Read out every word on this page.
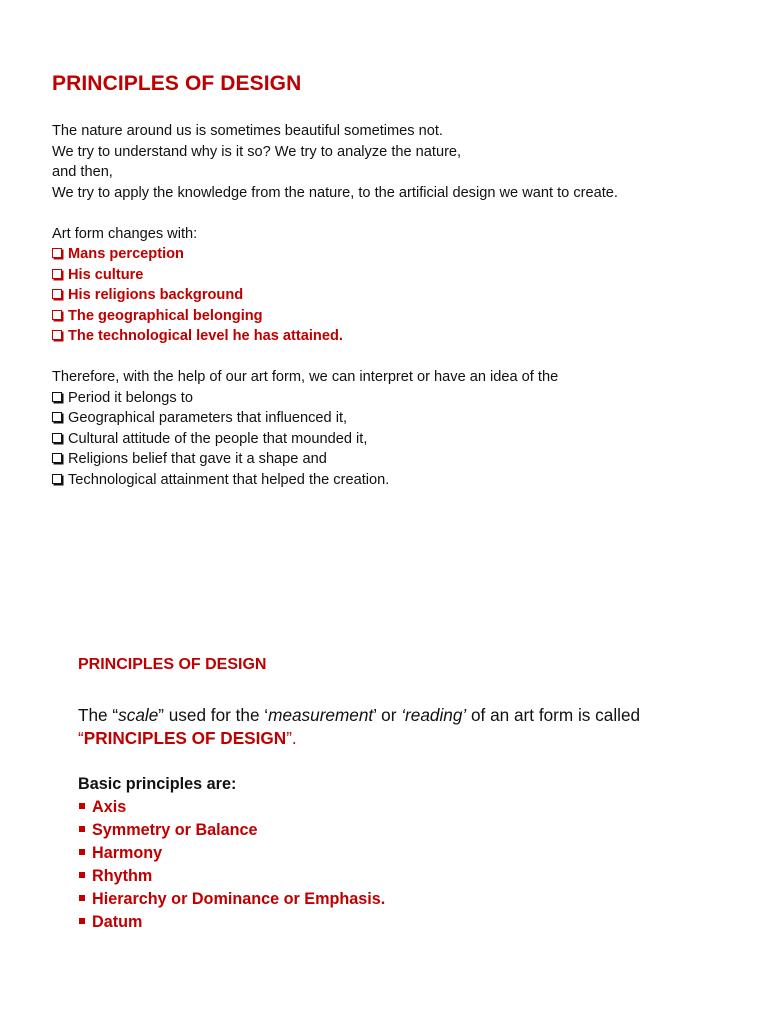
PRINCIPLES OF DESIGN
The nature around us is sometimes beautiful sometimes not.
We try to understand why is it so? We try to analyze the nature,
and then,
We try to apply the knowledge from the nature, to the artificial design we want to create.
Art form changes with:
Mans perception
His culture
His religions background
The geographical belonging
The technological level he has attained.
Therefore, with the help of our art form, we can interpret or have an idea of the
Period it belongs to
Geographical parameters that influenced it,
Cultural attitude of the people that mounded it,
Religions belief that gave it a shape and
Technological attainment that helped the creation.
PRINCIPLES OF DESIGN
The “scale” used for the ‘measurement’ or ‘reading’ of an art form is called
“PRINCIPLES OF DESIGN”.
Basic principles are:
Axis
Symmetry or Balance
Harmony
Rhythm
Hierarchy or Dominance or Emphasis.
Datum
